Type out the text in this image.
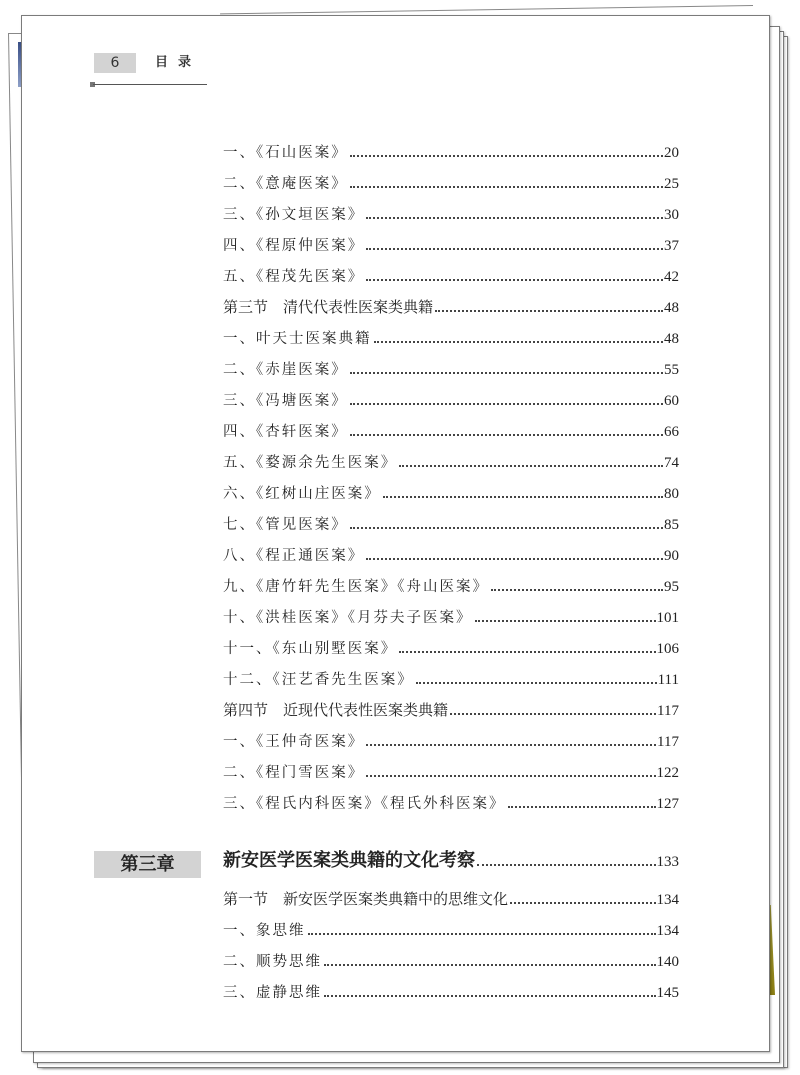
6	目录
第三章
一、《石山医案》	20
二、《意庵医案》	25
三、《孙文垣医案》	30
四、《程原仲医案》	37
五、《程茂先医案》	42
第三节　清代代表性医案类典籍	48
一、叶天士医案典籍	48
二、《赤崖医案》	55
三、《冯塘医案》	60
四、《杏轩医案》	66
五、《婺源余先生医案》	74
六、《红树山庄医案》	80
七、《管见医案》	85
八、《程正通医案》	90
九、《唐竹轩先生医案》《舟山医案》	95
十、《洪桂医案》《月芬夫子医案》	101
十一、《东山别墅医案》	106
十二、《汪艺香先生医案》	111
第四节　近现代代表性医案类典籍	117
一、《王仲奇医案》	117
二、《程门雪医案》	122
三、《程氏内科医案》《程氏外科医案》	127
新安医学医案类典籍的文化考察	133
第一节　新安医学医案类典籍中的思维文化	134
一、象思维	134
二、顺势思维	140
三、虚静思维	145
